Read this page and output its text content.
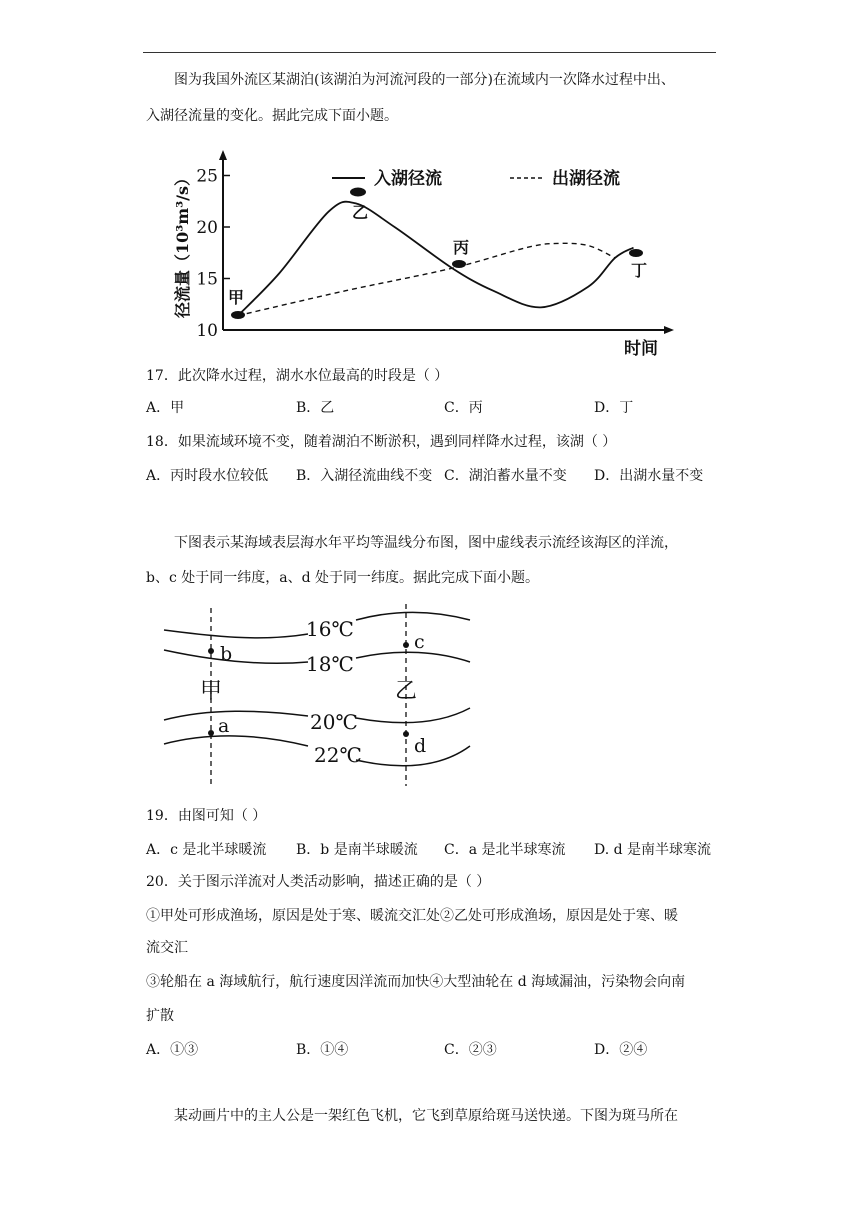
图为我国外流区某湖泊(该湖泊为河流河段的一部分)在流域内一次降水过程中出、
入湖径流量的变化。据此完成下面小题。
10
15
20
25
径流量（10³m³/s）
时间
入湖径流	出湖径流
甲
乙
丙
丁
17．此次降水过程，湖水水位最高的时段是（ ）
A．甲	B．乙	C．丙	D．丁
18．如果流域环境不变，随着湖泊不断淤积，遇到同样降水过程，该湖（ ）
A．丙时段水位较低 B．入湖径流曲线不变 C．湖泊蓄水量不变 D．出湖水量不变
下图表示某海域表层海水年平均等温线分布图，图中虚线表示流经该海区的洋流，
b、c 处于同一纬度，a、d 处于同一纬度。据此完成下面小题。
16℃
18℃
20℃
22℃
甲	乙
b
c
a
d
19．由图可知（ ）
A．c 是北半球暖流 B．b 是南半球暖流 C．a 是北半球寒流 D. d 是南半球寒流
20．关于图示洋流对人类活动影响，描述正确的是（ ）
①甲处可形成渔场，原因是处于寒、暖流交汇处②乙处可形成渔场，原因是处于寒、暖
流交汇
③轮船在 a 海域航行，航行速度因洋流而加快④大型油轮在 d 海域漏油，污染物会向南
扩散
A．①③	B．①④	C．②③	D．②④
某动画片中的主人公是一架红色飞机，它飞到草原给斑马送快递。下图为斑马所在
